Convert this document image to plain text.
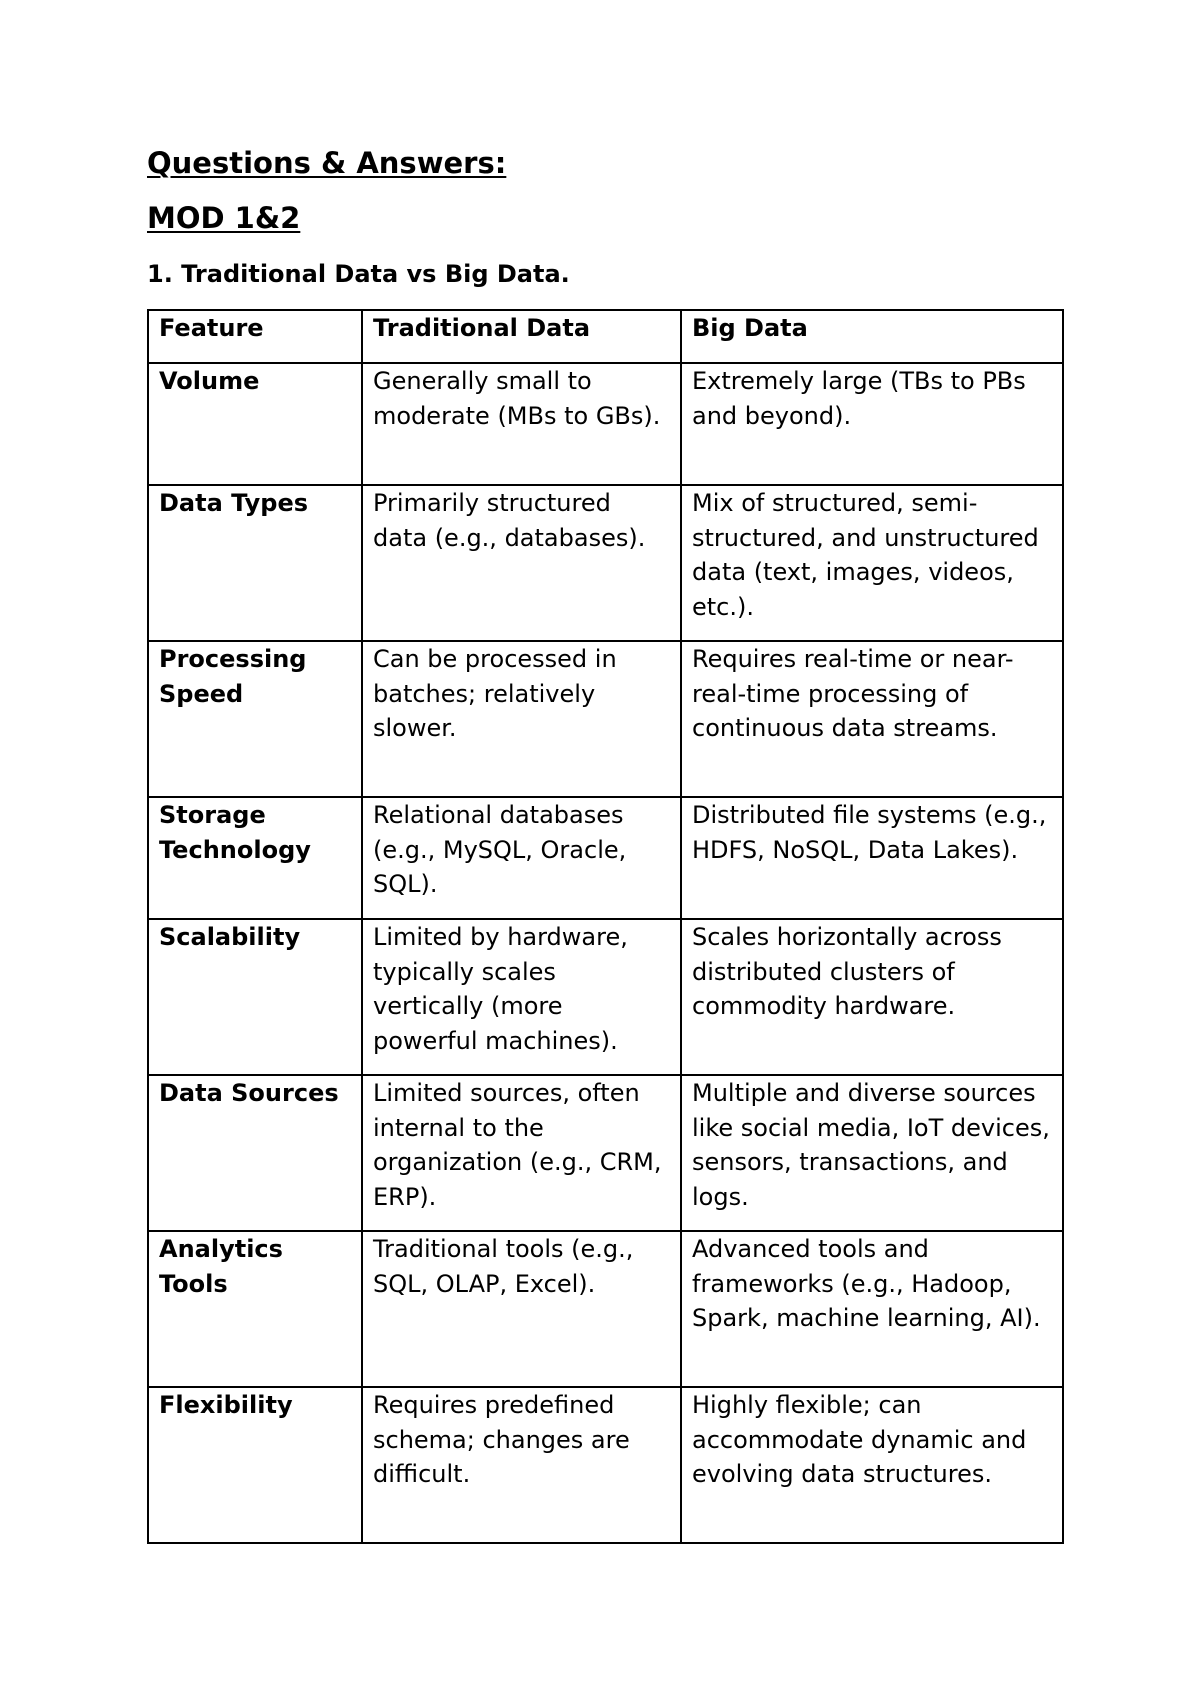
Questions & Answers:
MOD 1&2

1. Traditional Data vs Big Data.

Feature	Traditional Data	Big Data
Volume	Generally small to moderate (MBs to GBs).	Extremely large (TBs to PBs and beyond).
Data Types	Primarily structured data (e.g., databases).	Mix of structured, semi-structured, and unstructured data (text, images, videos, etc.).
Processing Speed	Can be processed in batches; relatively slower.	Requires real-time or near-real-time processing of continuous data streams.
Storage Technology	Relational databases (e.g., MySQL, Oracle, SQL).	Distributed file systems (e.g., HDFS, NoSQL, Data Lakes).
Scalability	Limited by hardware, typically scales vertically (more powerful machines).	Scales horizontally across distributed clusters of commodity hardware.
Data Sources	Limited sources, often internal to the organization (e.g., CRM, ERP).	Multiple and diverse sources like social media, IoT devices, sensors, transactions, and logs.
Analytics Tools	Traditional tools (e.g., SQL, OLAP, Excel).	Advanced tools and frameworks (e.g., Hadoop, Spark, machine learning, AI).
Flexibility	Requires predefined schema; changes are difficult.	Highly flexible; can accommodate dynamic and evolving data structures.
